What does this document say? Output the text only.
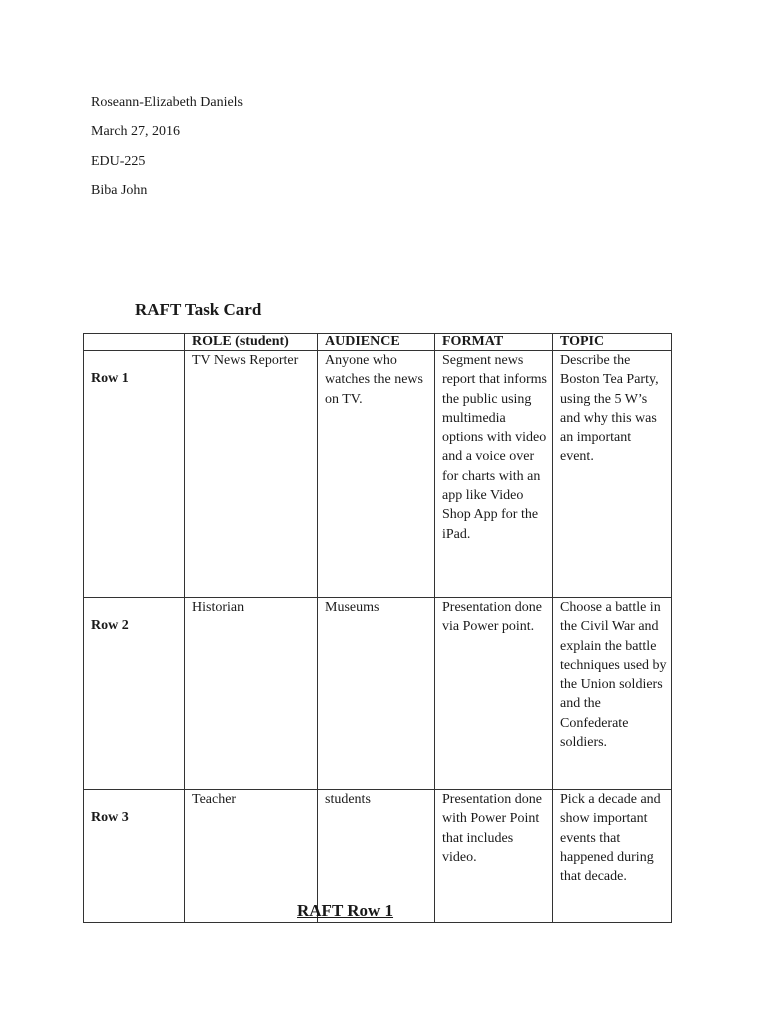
Roseann-Elizabeth Daniels

March 27, 2016

EDU-225

Biba John

RAFT Task Card
	ROLE (student)	AUDIENCE	FORMAT	TOPIC
Row 1	TV News Reporter	Anyone who watches the news on TV.	Segment news report that informs the public using multimedia options with video and a voice over for charts with an app like Video Shop App for the iPad.	Describe the Boston Tea Party, using the 5 W’s and why this was an important event.
Row 2	Historian	Museums	Presentation done via Power point.	Choose a battle in the Civil War and explain the battle techniques used by the Union soldiers and the Confederate soldiers.
Row 3	Teacher	students	Presentation done with Power Point that includes video.	Pick a decade and show important events that happened during that decade.
RAFT Row 1
